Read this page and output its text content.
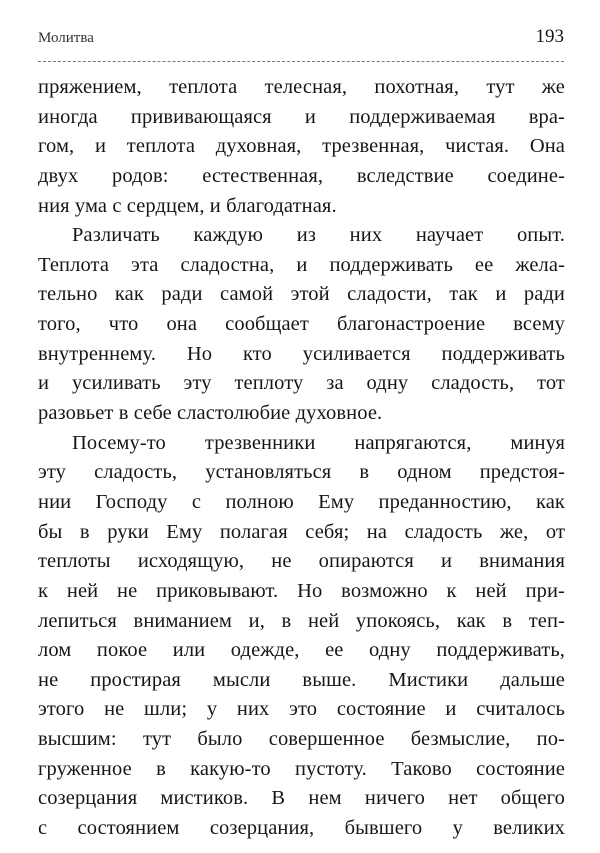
Молитва	193
пряжением, теплота телесная, похотная, тут же
иногда прививающаяся и поддерживаемая вра-
гом, и теплота духовная, трезвенная, чистая. Она
двух родов: естественная, вследствие соедине-
ния ума с сердцем, и благодатная.
Различать каждую из них научает опыт.
Теплота эта сладостна, и поддерживать ее жела-
тельно как ради самой этой сладости, так и ради
того, что она сообщает благонастроение всему
внутреннему. Но кто усиливается поддерживать
и усиливать эту теплоту за одну сладость, тот
разовьет в себе сластолюбие духовное.
Посему-то трезвенники напрягаются, минуя
эту сладость, установляться в одном предстоя-
нии Господу с полною Ему преданностию, как
бы в руки Ему полагая себя; на сладость же, от
теплоты исходящую, не опираются и внимания
к ней не приковывают. Но возможно к ней при-
лепиться вниманием и, в ней упокоясь, как в теп-
лом покое или одежде, ее одну поддерживать,
не простирая мысли выше. Мистики дальше
этого не шли; у них это состояние и считалось
высшим: тут было совершенное безмыслие, по-
груженное в какую-то пустоту. Таково состояние
созерцания мистиков. В нем ничего нет общего
с состоянием созерцания, бывшего у великих
